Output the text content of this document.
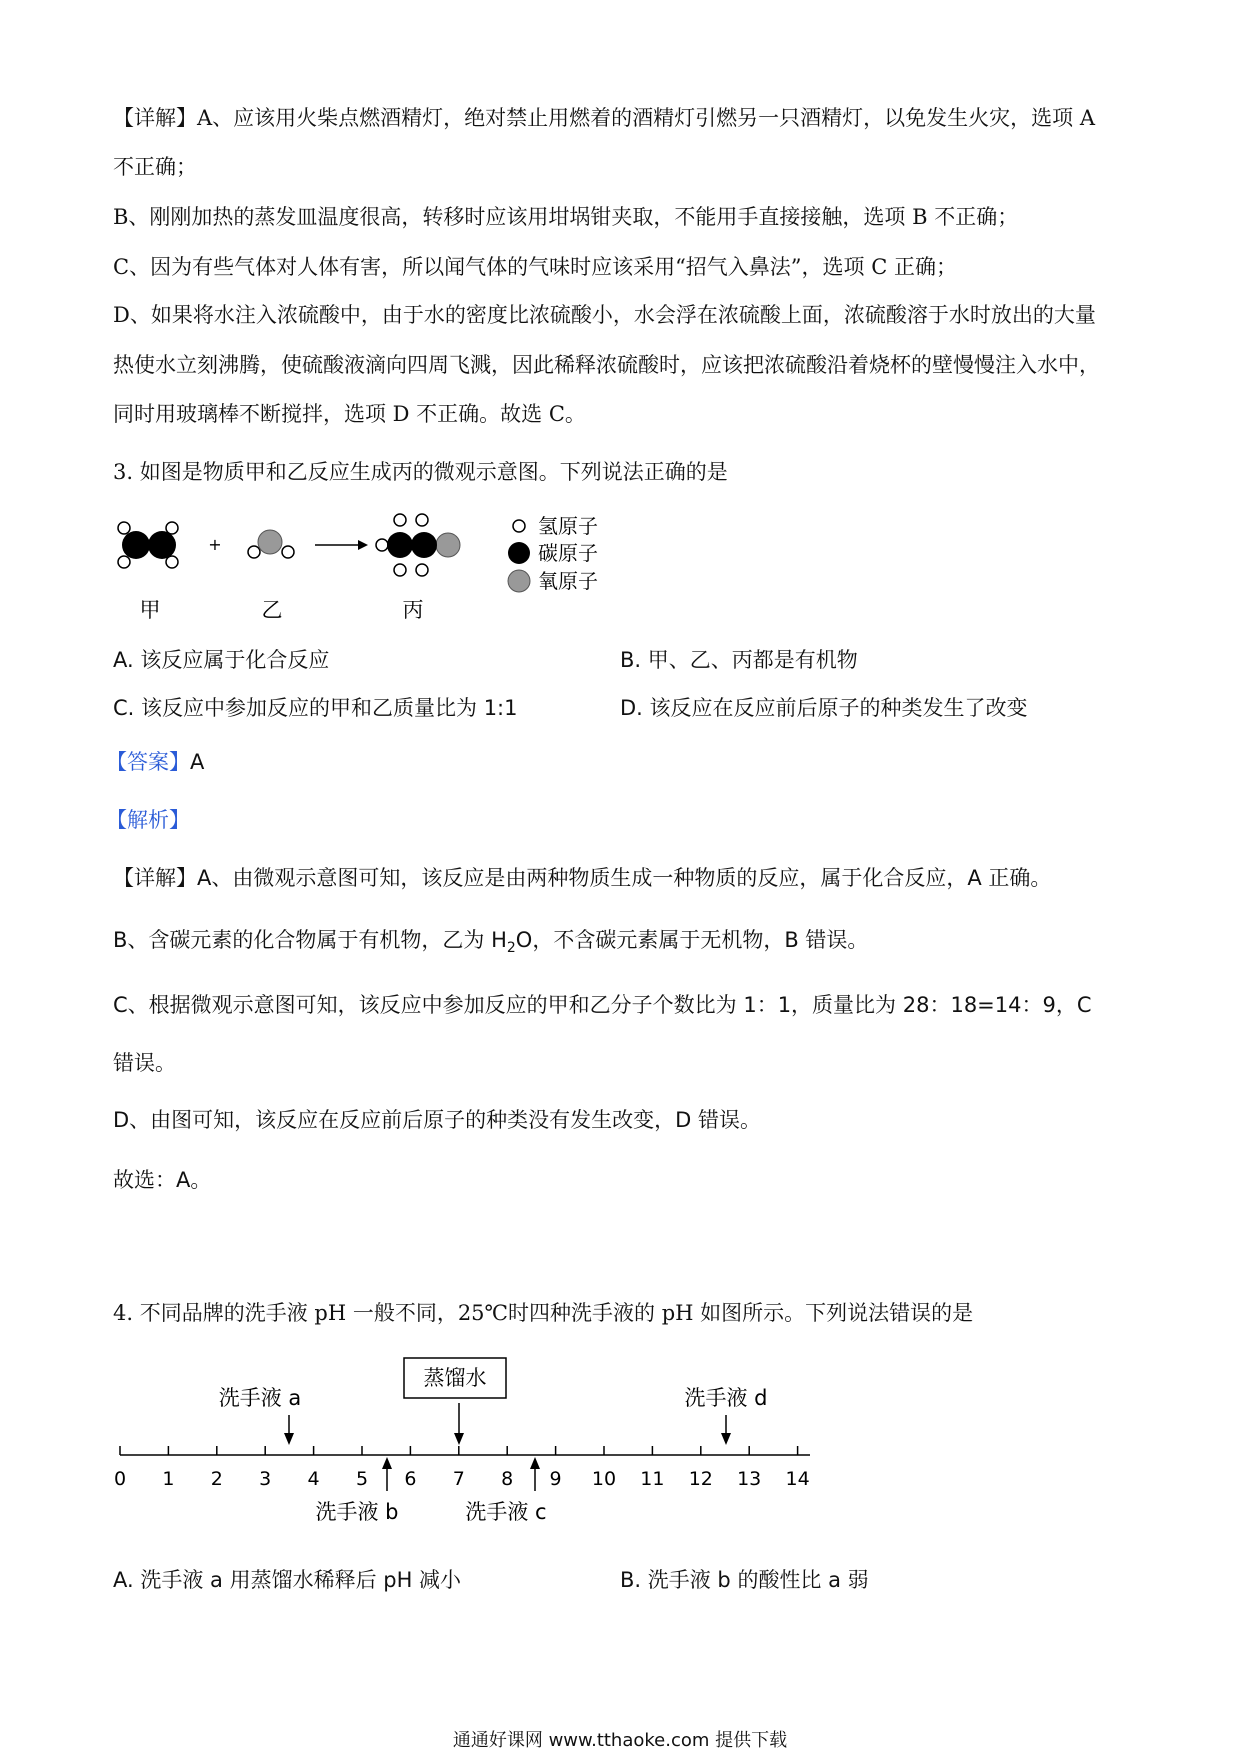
【详解】A、应该用火柴点燃酒精灯，绝对禁止用燃着的酒精灯引燃另一只酒精灯，以免发生火灾，选项 A
不正确；
B、刚刚加热的蒸发皿温度很高，转移时应该用坩埚钳夹取，不能用手直接接触，选项 B 不正确；
C、因为有些气体对人体有害，所以闻气体的气味时应该采用“招气入鼻法”，选项 C 正确；
D、如果将水注入浓硫酸中，由于水的密度比浓硫酸小，水会浮在浓硫酸上面，浓硫酸溶于水时放出的大量
热使水立刻沸腾，使硫酸液滴向四周飞溅，因此稀释浓硫酸时，应该把浓硫酸沿着烧杯的壁慢慢注入水中，
同时用玻璃棒不断搅拌，选项 D 不正确。故选 C。
3. 如图是物质甲和乙反应生成丙的微观示意图。下列说法正确的是
+
氢原子
碳原子
氧原子
甲	乙	丙
A. 该反应属于化合反应	B. 甲、乙、丙都是有机物
C. 该反应中参加反应的甲和乙质量比为 1:1	D. 该反应在反应前后原子的种类发生了改变
【答案】A
【解析】
【详解】A、由微观示意图可知，该反应是由两种物质生成一种物质的反应，属于化合反应，A 正确。
B、含碳元素的化合物属于有机物，乙为 $H_2O$，不含碳元素属于无机物，B 错误。
C、根据微观示意图可知，该反应中参加反应的甲和乙分子个数比为 1：1，质量比为 28：18=14：9，C
错误。
D、由图可知，该反应在反应前后原子的种类没有发生改变，D 错误。
故选：A。
4. 不同品牌的洗手液 pH 一般不同，25℃时四种洗手液的 pH 如图所示。下列说法错误的是
0 1 2 3 4 5 6 7 8 9 10 11 12 13 14
蒸馏水
洗手液 a	洗手液 d
洗手液 b	洗手液 c
A. 洗手液 a 用蒸馏水稀释后 pH 减小	B. 洗手液 b 的酸性比 a 弱
通通好课网 www.tthaoke.com 提供下载
